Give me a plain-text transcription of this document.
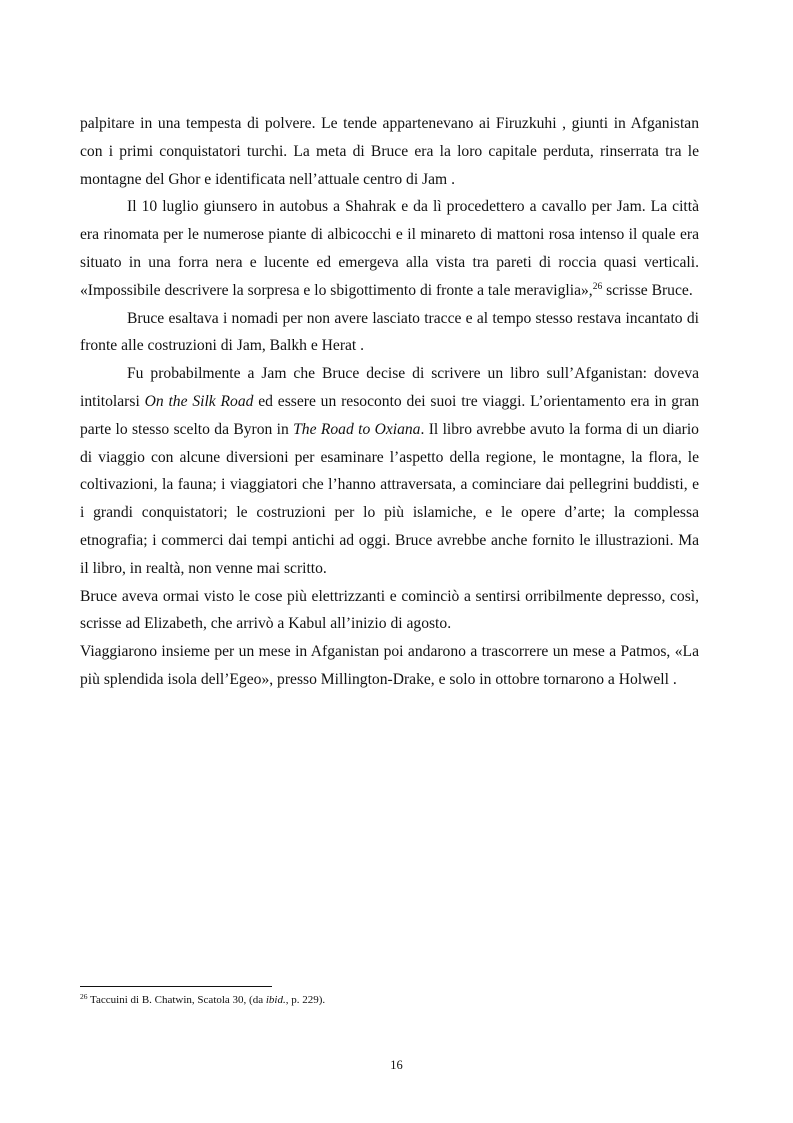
palpitare in una tempesta di polvere. Le tende appartenevano ai Firuzkuhi , giunti in Afganistan con i primi conquistatori turchi. La meta di Bruce era la loro capitale perduta, rinserrata tra le montagne del Ghor e identificata nell’attuale centro di Jam .

Il 10 luglio giunsero in autobus a Shahrak e da lì procedettero a cavallo per Jam. La città era rinomata per le numerose piante di albicocchi e il minareto di mattoni rosa intenso il quale era situato in una forra nera e lucente ed emergeva alla vista tra pareti di roccia quasi verticali. «Impossibile descrivere la sorpresa e lo sbigottimento di fronte a tale meraviglia»,$^{26}$ scrisse Bruce.

Bruce esaltava i nomadi per non avere lasciato tracce e al tempo stesso restava incantato di fronte alle costruzioni di Jam, Balkh e Herat .

Fu probabilmente a Jam che Bruce decise di scrivere un libro sull’Afganistan: doveva intitolarsi On the Silk Road ed essere un resoconto dei suoi tre viaggi. L’orientamento era in gran parte lo stesso scelto da Byron in The Road to Oxiana. Il libro avrebbe avuto la forma di un diario di viaggio con alcune diversioni per esaminare l’aspetto della regione, le montagne, la flora, le coltivazioni, la fauna; i viaggiatori che l’hanno attraversata, a cominciare dai pellegrini buddisti, e i grandi conquistatori; le costruzioni per lo più islamiche, e le opere d’arte; la complessa etnografia; i commerci dai tempi antichi ad oggi. Bruce avrebbe anche fornito le illustrazioni. Ma il libro, in realtà, non venne mai scritto.

Bruce aveva ormai visto le cose più elettrizzanti e cominciò a sentirsi orribilmente depresso, così, scrisse ad Elizabeth, che arrivò a Kabul all’inizio di agosto.

Viaggiarono insieme per un mese in Afganistan poi andarono a trascorrere un mese a Patmos, «La più splendida isola dell’Egeo», presso Millington-Drake, e solo in ottobre tornarono a Holwell .

$^{26}$ Taccuini di B. Chatwin, Scatola 30, (da ibid., p. 229).
16
